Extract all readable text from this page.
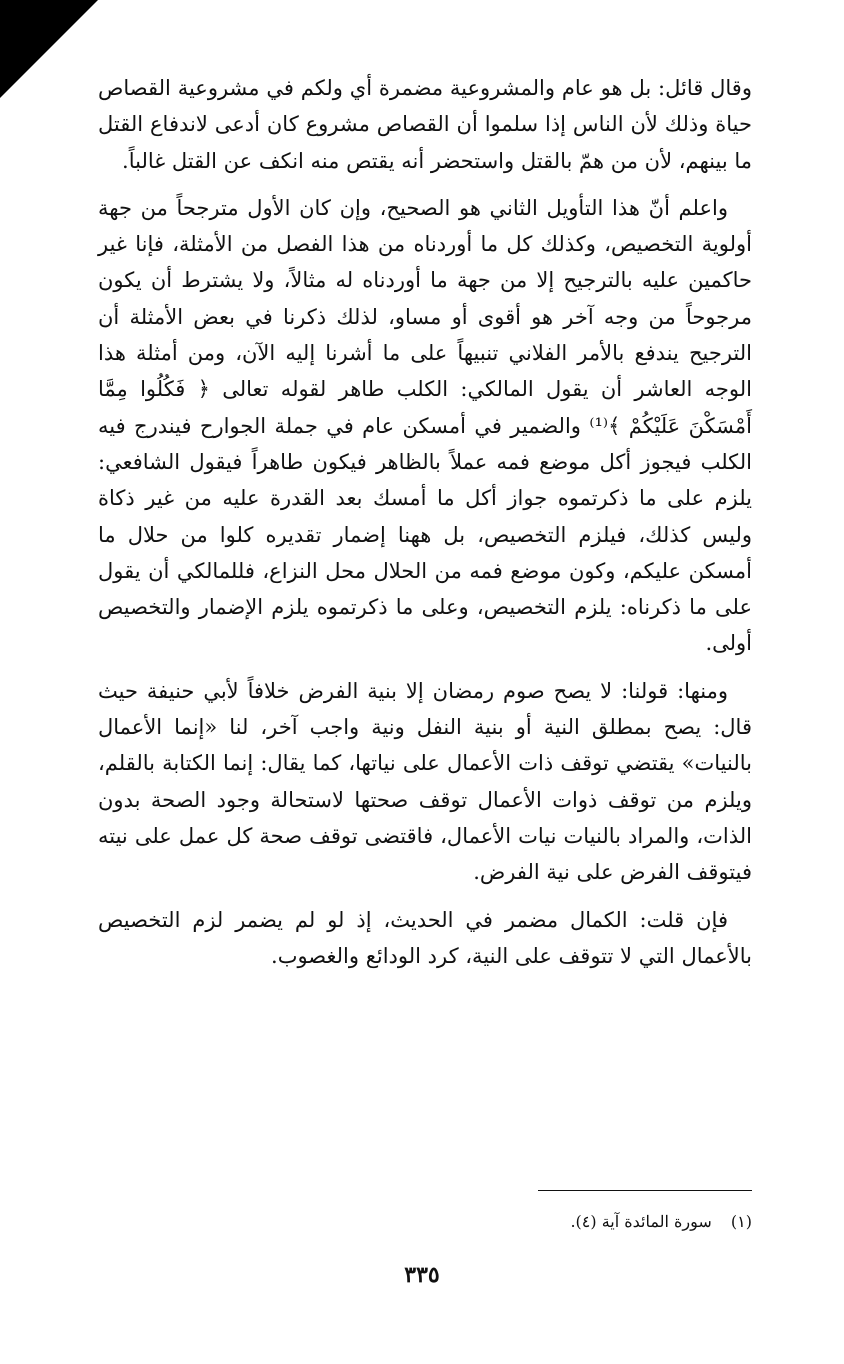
وقال قائل: بل هو عام والمشروعية مضمرة أي ولكم في مشروعية القصاص حياة وذلك لأن الناس إذا سلموا أن القصاص مشروع كان أدعى لاندفاع القتل ما بينهم، لأن من همّ بالقتل واستحضر أنه يقتص منه انكف عن القتل غالباً.

واعلم أنّ هذا التأويل الثاني هو الصحيح، وإن كان الأول مترجحاً من جهة أولوية التخصيص، وكذلك كل ما أوردناه من هذا الفصل من الأمثلة، فإنا غير حاكمين عليه بالترجيح إلا من جهة ما أوردناه له مثالاً، ولا يشترط أن يكون مرجوحاً من وجه آخر هو أقوى أو مساو، لذلك ذكرنا في بعض الأمثلة أن الترجيح يندفع بالأمر الفلاني تنبيهاً على ما أشرنا إليه الآن، ومن أمثلة هذا الوجه العاشر أن يقول المالكي: الكلب طاهر لقوله تعالى ﴿ فَكُلُوا مِمَّا أَمْسَكْنَ عَلَيْكُمْ ﴾⁽¹⁾ والضمير في أمسكن عام في جملة الجوارح فيندرج فيه الكلب فيجوز أكل موضع فمه عملاً بالظاهر فيكون طاهراً فيقول الشافعي: يلزم على ما ذكرتموه جواز أكل ما أمسك بعد القدرة عليه من غير ذكاة وليس كذلك، فيلزم التخصيص، بل ههنا إضمار تقديره كلوا من حلال ما أمسكن عليكم، وكون موضع فمه من الحلال محل النزاع، فللمالكي أن يقول على ما ذكرناه: يلزم التخصيص، وعلى ما ذكرتموه يلزم الإضمار والتخصيص أولى.

ومنها: قولنا: لا يصح صوم رمضان إلا بنية الفرض خلافاً لأبي حنيفة حيث قال: يصح بمطلق النية أو بنية النفل ونية واجب آخر، لنا «إنما الأعمال بالنيات» يقتضي توقف ذات الأعمال على نياتها، كما يقال: إنما الكتابة بالقلم، ويلزم من توقف ذوات الأعمال توقف صحتها لاستحالة وجود الصحة بدون الذات، والمراد بالنيات نيات الأعمال، فاقتضى توقف صحة كل عمل على نيته فيتوقف الفرض على نية الفرض.

فإن قلت: الكمال مضمر في الحديث، إذ لو لم يضمر لزم التخصيص بالأعمال التي لا تتوقف على النية، كرد الودائع والغصوب.

(١) سورة المائدة آية (٤).
٣٣٥
